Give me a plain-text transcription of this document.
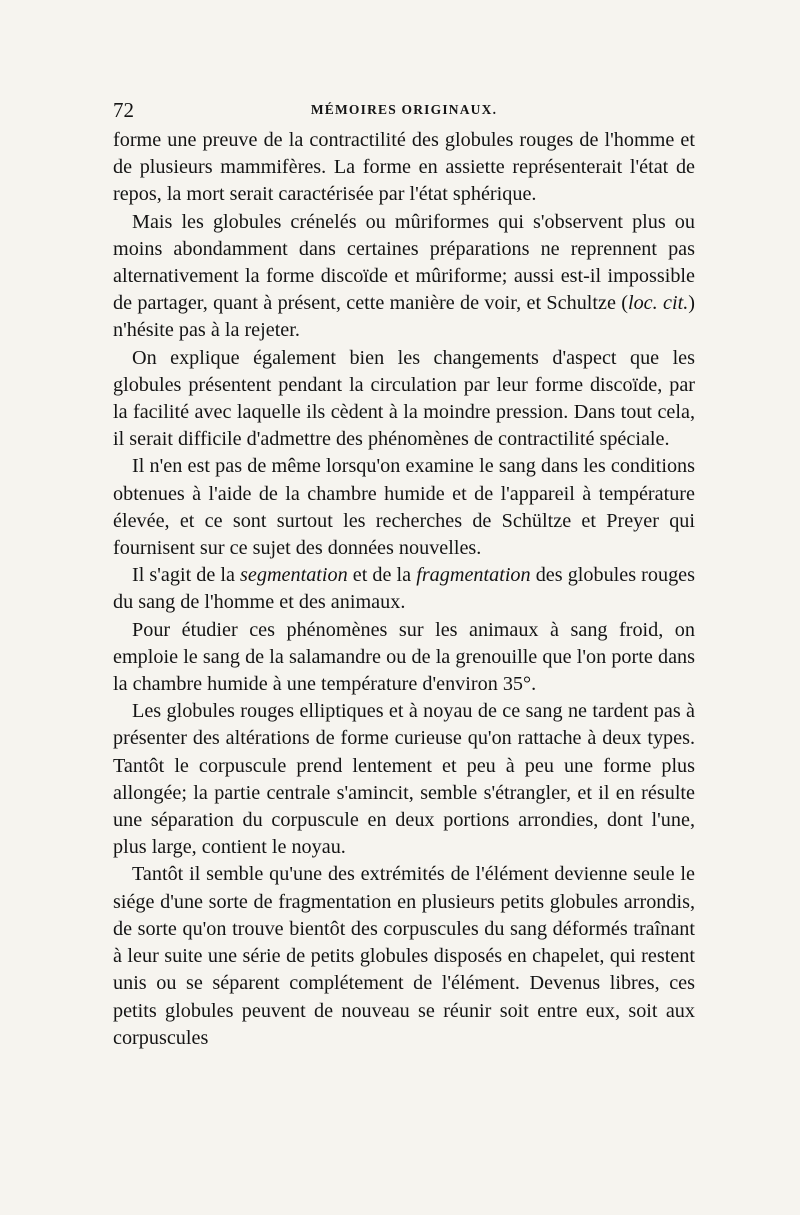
72	MÉMOIRES ORIGINAUX.

forme une preuve de la contractilité des globules rouges de l'homme et de plusieurs mammifères. La forme en assiette représenterait l'état de repos, la mort serait caractérisée par l'état sphérique.

Mais les globules crénelés ou mûriformes qui s'observent plus ou moins abondamment dans certaines préparations ne reprennent pas alternativement la forme discoïde et mûriforme; aussi est-il impossible de partager, quant à présent, cette manière de voir, et Schultze (loc. cit.) n'hésite pas à la rejeter.

On explique également bien les changements d'aspect que les globules présentent pendant la circulation par leur forme discoïde, par la facilité avec laquelle ils cèdent à la moindre pression. Dans tout cela, il serait difficile d'admettre des phénomènes de contractilité spéciale.

Il n'en est pas de même lorsqu'on examine le sang dans les conditions obtenues à l'aide de la chambre humide et de l'appareil à température élevée, et ce sont surtout les recherches de Schültze et Preyer qui fournisent sur ce sujet des données nouvelles.

Il s'agit de la segmentation et de la fragmentation des globules rouges du sang de l'homme et des animaux.

Pour étudier ces phénomènes sur les animaux à sang froid, on emploie le sang de la salamandre ou de la grenouille que l'on porte dans la chambre humide à une température d'environ 35°.

Les globules rouges elliptiques et à noyau de ce sang ne tardent pas à présenter des altérations de forme curieuse qu'on rattache à deux types. Tantôt le corpuscule prend lentement et peu à peu une forme plus allongée; la partie centrale s'amincit, semble s'étrangler, et il en résulte une séparation du corpuscule en deux portions arrondies, dont l'une, plus large, contient le noyau.

Tantôt il semble qu'une des extrémités de l'élément devienne seule le siége d'une sorte de fragmentation en plusieurs petits globules arrondis, de sorte qu'on trouve bientôt des corpuscules du sang déformés traînant à leur suite une série de petits globules disposés en chapelet, qui restent unis ou se séparent complétement de l'élément. Devenus libres, ces petits globules peuvent de nouveau se réunir soit entre eux, soit aux corpuscules
